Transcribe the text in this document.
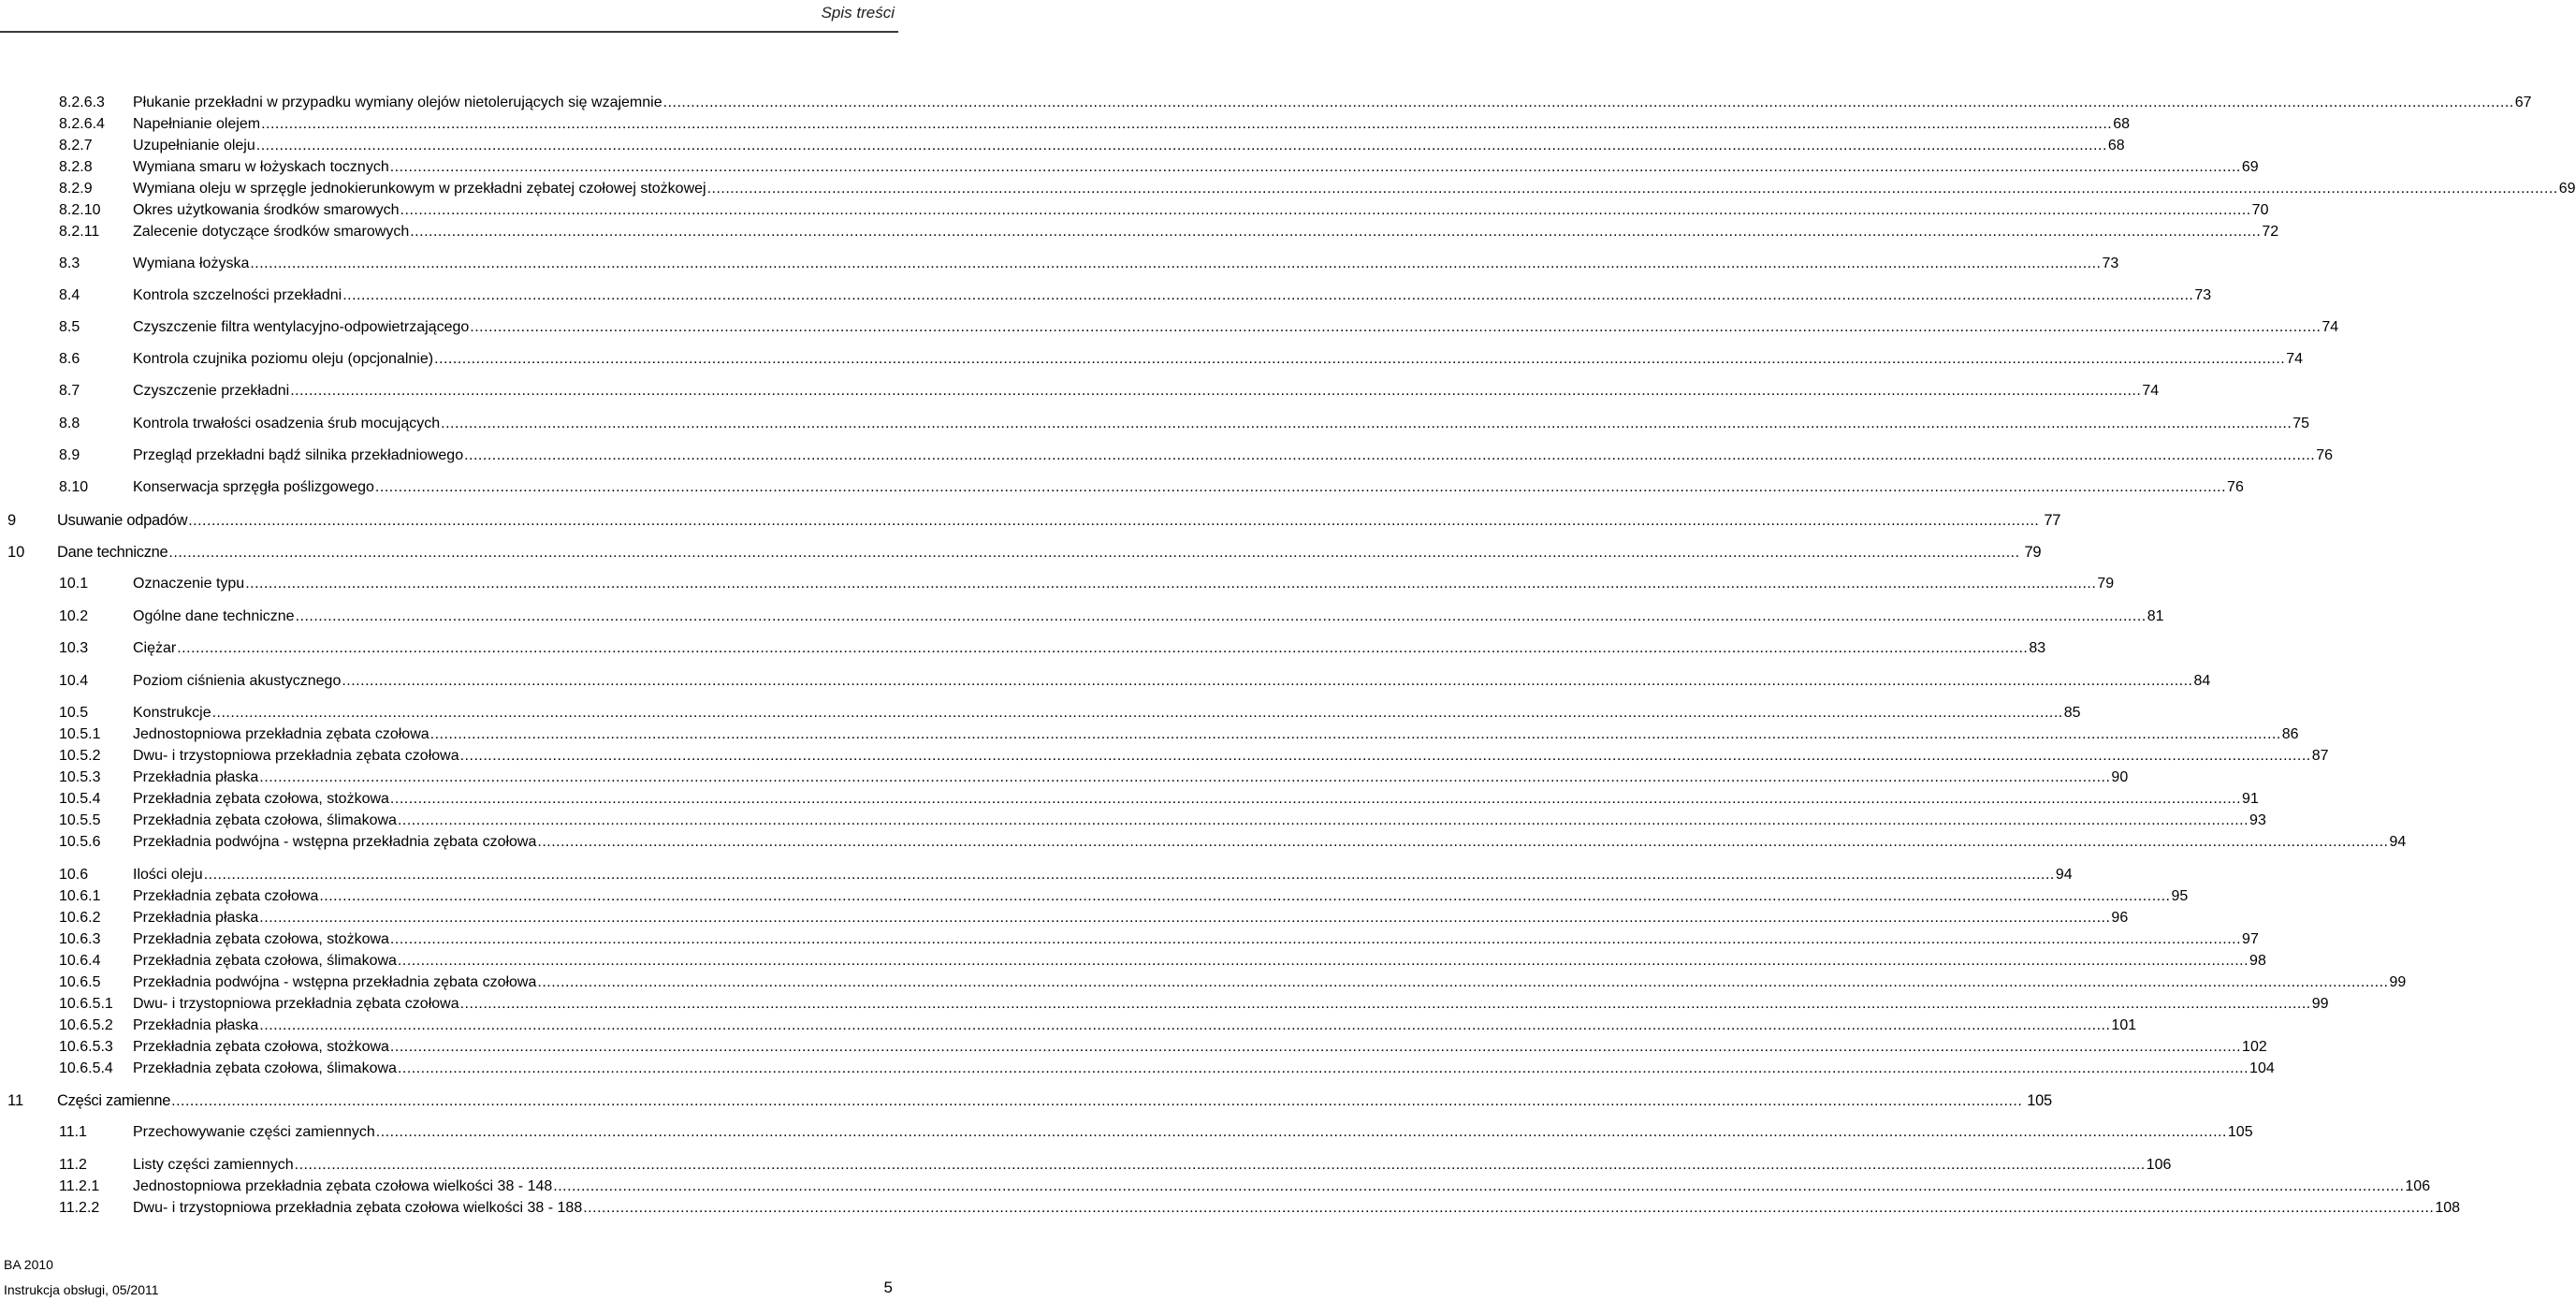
Spis treści
8.2.6.3 Płukanie przekładni w przypadku wymiany olejów nietolerujących się wzajemnie ................................................................................................................................................................................................................................................................................................................................................................................................................ 67
8.2.6.4 Napełnianie olejem ................................................................................................................................................................................................................................................................................................................................................................................................................ 68
8.2.7	Uzupełnianie oleju ................................................................................................................................................................................................................................................................................................................................................................................................................ 68
8.2.8	Wymiana smaru w łożyskach tocznych ................................................................................................................................................................................................................................................................................................................................................................................................................ 69
8.2.9	Wymiana oleju w sprzęgle jednokierunkowym w przekładni zębatej czołowej stożkowej ................................................................................................................................................................................................................................................................................................................................................................................................................ 69
8.2.10 Okres użytkowania środków smarowych ................................................................................................................................................................................................................................................................................................................................................................................................................ 70
8.2.11 Zalecenie dotyczące środków smarowych ................................................................................................................................................................................................................................................................................................................................................................................................................ 72
8.3	Wymiana łożyska ................................................................................................................................................................................................................................................................................................................................................................................................................ 73
8.4	Kontrola szczelności przekładni ................................................................................................................................................................................................................................................................................................................................................................................................................ 73
8.5	Czyszczenie filtra wentylacyjno-odpowietrzającego ................................................................................................................................................................................................................................................................................................................................................................................................................ 74
8.6	Kontrola czujnika poziomu oleju (opcjonalnie) ................................................................................................................................................................................................................................................................................................................................................................................................................ 74
8.7	Czyszczenie przekładni ................................................................................................................................................................................................................................................................................................................................................................................................................ 74
8.8	Kontrola trwałości osadzenia śrub mocujących ................................................................................................................................................................................................................................................................................................................................................................................................................ 75
8.9	Przegląd przekładni bądź silnika przekładniowego ................................................................................................................................................................................................................................................................................................................................................................................................................ 76
8.10	Konserwacja sprzęgła poślizgowego ................................................................................................................................................................................................................................................................................................................................................................................................................ 76
9	Usuwanie odpadów ................................................................................................................................................................................................................................................................................................................................................................................................................ 77
10 Dane techniczne ................................................................................................................................................................................................................................................................................................................................................................................................................ 79
10.1	Oznaczenie typu ................................................................................................................................................................................................................................................................................................................................................................................................................ 79
10.2	Ogólne dane techniczne ................................................................................................................................................................................................................................................................................................................................................................................................................ 81
10.3	Ciężar ................................................................................................................................................................................................................................................................................................................................................................................................................ 83
10.4	Poziom ciśnienia akustycznego ................................................................................................................................................................................................................................................................................................................................................................................................................ 84
10.5	Konstrukcje ................................................................................................................................................................................................................................................................................................................................................................................................................ 85
10.5.1 Jednostopniowa przekładnia zębata czołowa ................................................................................................................................................................................................................................................................................................................................................................................................................ 86
10.5.2 Dwu- i trzystopniowa przekładnia zębata czołowa ................................................................................................................................................................................................................................................................................................................................................................................................................ 87
10.5.3 Przekładnia płaska ................................................................................................................................................................................................................................................................................................................................................................................................................ 90
10.5.4 Przekładnia zębata czołowa, stożkowa ................................................................................................................................................................................................................................................................................................................................................................................................................ 91
10.5.5 Przekładnia zębata czołowa, ślimakowa ................................................................................................................................................................................................................................................................................................................................................................................................................ 93
10.5.6 Przekładnia podwójna - wstępna przekładnia zębata czołowa ................................................................................................................................................................................................................................................................................................................................................................................................................ 94
10.6	Ilości oleju ................................................................................................................................................................................................................................................................................................................................................................................................................ 94
10.6.1 Przekładnia zębata czołowa ................................................................................................................................................................................................................................................................................................................................................................................................................ 95
10.6.2 Przekładnia płaska ................................................................................................................................................................................................................................................................................................................................................................................................................ 96
10.6.3 Przekładnia zębata czołowa, stożkowa ................................................................................................................................................................................................................................................................................................................................................................................................................ 97
10.6.4 Przekładnia zębata czołowa, ślimakowa ................................................................................................................................................................................................................................................................................................................................................................................................................ 98
10.6.5 Przekładnia podwójna - wstępna przekładnia zębata czołowa ................................................................................................................................................................................................................................................................................................................................................................................................................ 99
10.6.5.1 Dwu- i trzystopniowa przekładnia zębata czołowa ................................................................................................................................................................................................................................................................................................................................................................................................................ 99
10.6.5.2 Przekładnia płaska ................................................................................................................................................................................................................................................................................................................................................................................................................ 101
10.6.5.3 Przekładnia zębata czołowa, stożkowa ................................................................................................................................................................................................................................................................................................................................................................................................................ 102
10.6.5.4 Przekładnia zębata czołowa, ślimakowa ................................................................................................................................................................................................................................................................................................................................................................................................................ 104
11 Części zamienne ................................................................................................................................................................................................................................................................................................................................................................................................................ 105
11.1	Przechowywanie części zamiennych ................................................................................................................................................................................................................................................................................................................................................................................................................ 105
11.2	Listy części zamiennych ................................................................................................................................................................................................................................................................................................................................................................................................................ 106
11.2.1 Jednostopniowa przekładnia zębata czołowa wielkości 38 - 148 ................................................................................................................................................................................................................................................................................................................................................................................................................ 106
11.2.2 Dwu- i trzystopniowa przekładnia zębata czołowa wielkości 38 - 188 ................................................................................................................................................................................................................................................................................................................................................................................................................ 108
BA 2010
Instrukcja obsługi, 05/2011	5
